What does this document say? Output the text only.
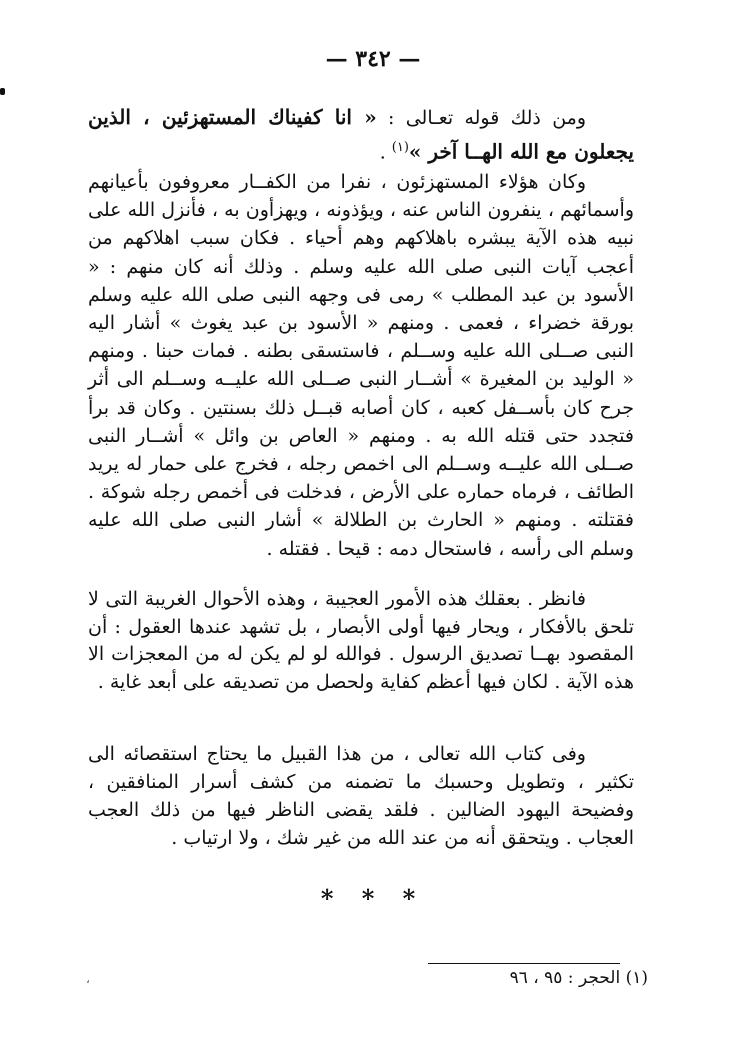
— ٣٤٢ —

ومن ذلك قوله تعـالى : « انا كفيناك المستهزئين ، الذين يجعلون مع الله الهــا آخر »$^{(١)}$ .

وكان هؤلاء المستهزئون ، نفرا من الكفــار معروفون بأعيانهم وأسمائهم ، ينفرون الناس عنه ، ويؤذونه ، ويهزأون به ، فأنزل الله على نبيه هذه الآية يبشره باهلاكهم وهم أحياء . فكان سبب اهلاكهم من أعجب آيات النبى صلى الله عليه وسلم . وذلك أنه كان منهم : « الأسود بن عبد المطلب » رمى فى وجهه النبى صلى الله عليه وسلم بورقة خضراء ، فعمى . ومنهم « الأسود بن عبد يغوث » أشار اليه النبى صــلى الله عليه وســلم ، فاستسقى بطنه . فمات حبنا . ومنهم « الوليد بن المغيرة » أشــار النبى صــلى الله عليــه وســلم الى أثر جرح كان بأســفل كعبه ، كان أصابه قبــل ذلك بسنتين . وكان قد برأ فتجدد حتى قتله الله به . ومنهم « العاص بن وائل » أشــار النبى صــلى الله عليــه وســلم الى اخمص رجله ، فخرج على حمار له يريد الطائف ، فرماه حماره على الأرض ، فدخلت فى أخمص رجله شوكة . فقتلته . ومنهم « الحارث بن الطلالة » أشار النبى صلى الله عليه وسلم الى رأسه ، فاستحال دمه : قيحا . فقتله .

فانظر . بعقلك هذه الأمور العجيبة ، وهذه الأحوال الغريبة التى لا تلحق بالأفكار ، ويحار فيها أولى الأبصار ، بل تشهد عندها العقول : أن المقصود بهــا تصديق الرسول . فوالله لو لم يكن له من المعجزات الا هذه الآية . لكان فيها أعظم كفاية ولحصل من تصديقه على أبعد غاية .

وفى كتاب الله تعالى ، من هذا القبيل ما يحتاج استقصائه الى تكثير ، وتطويل وحسبك ما تضمنه من كشف أسرار المنافقين ، وفضيحة اليهود الضالين . فلقد يقضى الناظر فيها من ذلك العجب العجاب . ويتحقق أنه من عند الله من غير شك ، ولا ارتياب .

* * *
(١) الحجر : ٩٥ ، ٩٦
،
